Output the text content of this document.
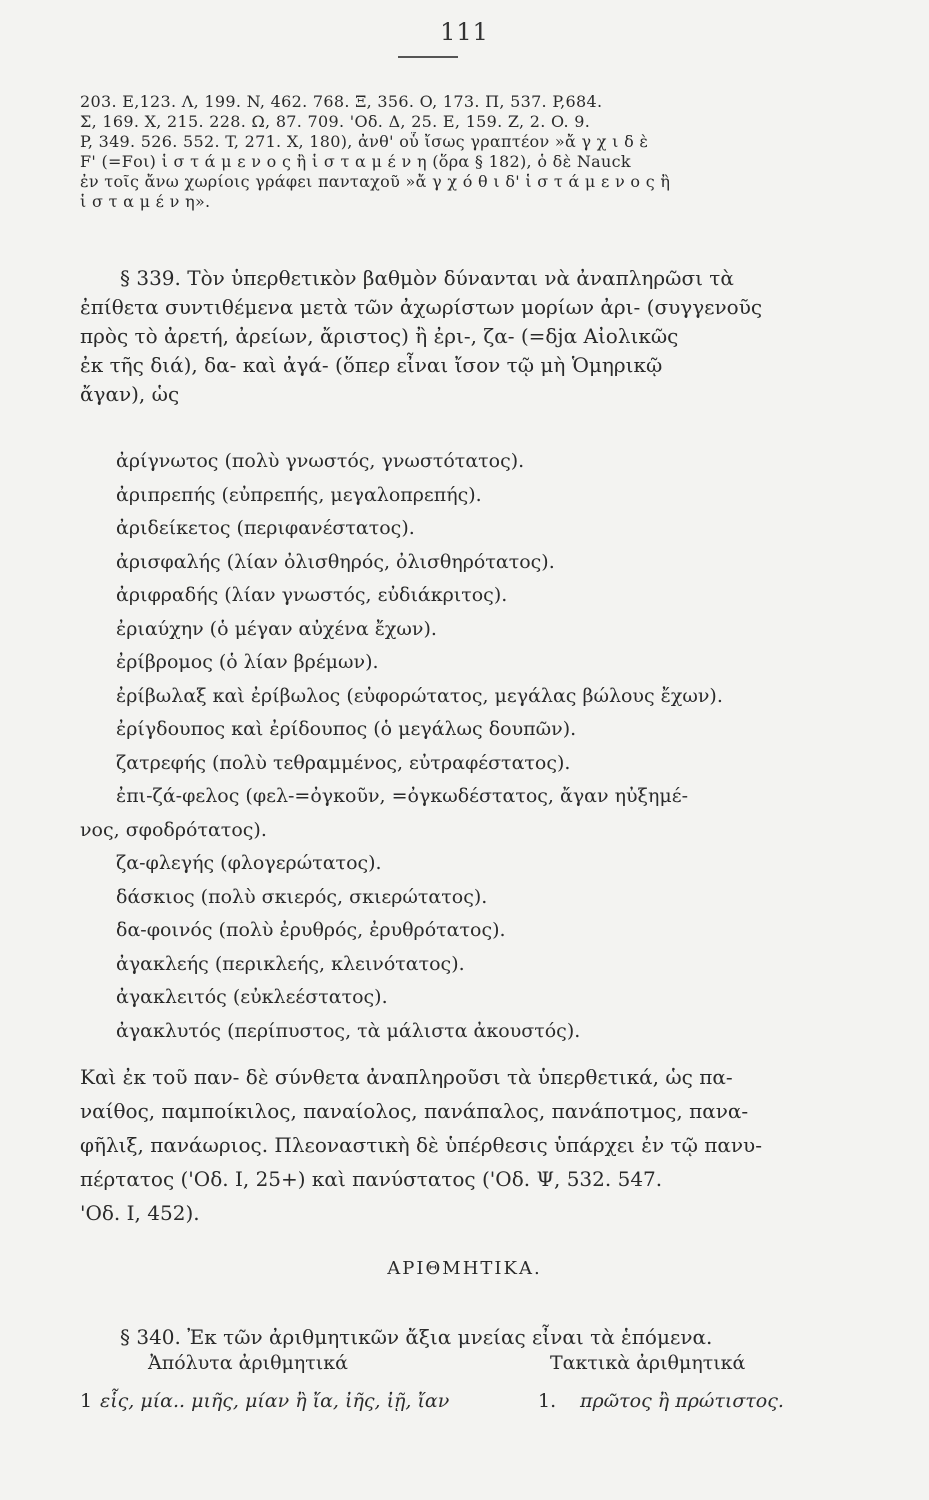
111
203. E,123. Λ, 199. N, 462. 768. Ξ, 356. O, 173. Π, 537. P,684.
Σ, 169. X, 215. 228. Ω, 87. 709. 'Οδ. Δ, 25. E, 159. Z, 2. O. 9.
P, 349. 526. 552. T, 271. X, 180), ἀνθ' οὗ ἴσως γραπτέον »ἄ γ χ ι δ ὲ
F' (=Fοι) ἱ σ τ ά μ ε ν ο ς ἢ ἱ σ τ α μ έ ν η (ὅρα § 182), ὁ δὲ Nauck
ἐν τοῖς ἄνω χωρίοις γράφει πανταχοῦ »ἄ γ χ ό θ ι δ' ἱ σ τ ά μ ε ν ο ς ἢ
ἱ σ τ α μ έ ν η».
§ 339. Τὸν ὑπερθετικὸν βαθμὸν δύνανται νὰ ἀναπληρῶσι τὰ
ἐπίθετα συντιθέμενα μετὰ τῶν ἀχωρίστων μορίων ἀρι- (συγγενοῦς
πρὸς τὸ ἀρετή, ἀρείων, ἄριστος) ἢ ἐρι-, ζα- (=δjα Αἰολικῶς
ἐκ τῆς διά), δα- καὶ ἀγά- (ὅπερ εἶναι ἴσον τῷ μὴ Ὁμηρικῷ
ἄγαν), ὡς
ἀρίγνωτος (πολὺ γνωστός, γνωστότατος).
ἀριπρεπής (εὐπρεπής, μεγαλοπρεπής).
ἀριδείκετος (περιφανέστατος).
ἀρισφαλής (λίαν ὀλισθηρός, ὀλισθηρότατος).
ἀριφραδής (λίαν γνωστός, εὐδιάκριτος).
ἐριαύχην (ὁ μέγαν αὐχένα ἔχων).
ἐρίβρομος (ὁ λίαν βρέμων).
ἐρίβωλαξ καὶ ἐρίβωλος (εὐφορώτατος, μεγάλας βώλους ἔχων).
ἐρίγδουπος καὶ ἐρίδουπος (ὁ μεγάλως δουπῶν).
ζατρεφής (πολὺ τεθραμμένος, εὐτραφέστατος).
ἐπι-ζά-φελος (φελ-=ὀγκοῦν, =ὀγκωδέστατος, ἄγαν ηὐξημέ-
νος, σφοδρότατος).
ζα-φλεγής (φλογερώτατος).
δάσκιος (πολὺ σκιερός, σκιερώτατος).
δα-φοινός (πολὺ ἐρυθρός, ἐρυθρότατος).
ἀγακλεής (περικλεής, κλεινότατος).
ἀγακλειτός (εὐκλεέστατος).
ἀγακλυτός (περίπυστος, τὰ μάλιστα ἀκουστός).
Καὶ ἐκ τοῦ παν- δὲ σύνθετα ἀναπληροῦσι τὰ ὑπερθετικά, ὡς πα-
ναίθος, παμποίκιλος, παναίολος, πανάπαλος, πανάποτμος, πανα-
φῆλιξ, πανάωριος. Πλεοναστικὴ δὲ ὑπέρθεσις ὑπάρχει ἐν τῷ πανυ-
πέρτατος ('Οδ. I, 25+) καὶ πανύστατος ('Οδ. Ψ, 532. 547.
'Οδ. I, 452).
ΑΡΙΘΜΗΤΙΚΑ.
§ 340. Ἐκ τῶν ἀριθμητικῶν ἄξια μνείας εἶναι τὰ ἑπόμενα.
Ἀπόλυτα ἀριθμητικά	Τακτικὰ ἀριθμητικά
1 εἷς, μία.. μιῆς, μίαν ἢ ἴα, ἰῆς, ἰῇ, ἴαν	1. πρῶτος ἢ πρώτιστος.
